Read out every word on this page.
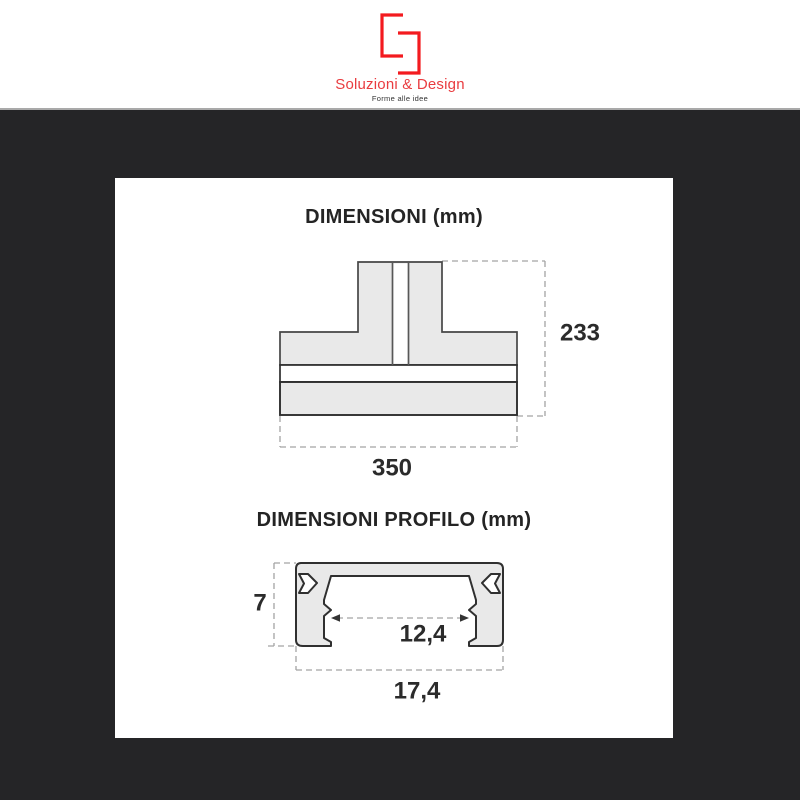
Soluzioni & Design
Forme alle idee
DIMENSIONI (mm)
233
350
DIMENSIONI PROFILO (mm)
7
12,4
17,4
